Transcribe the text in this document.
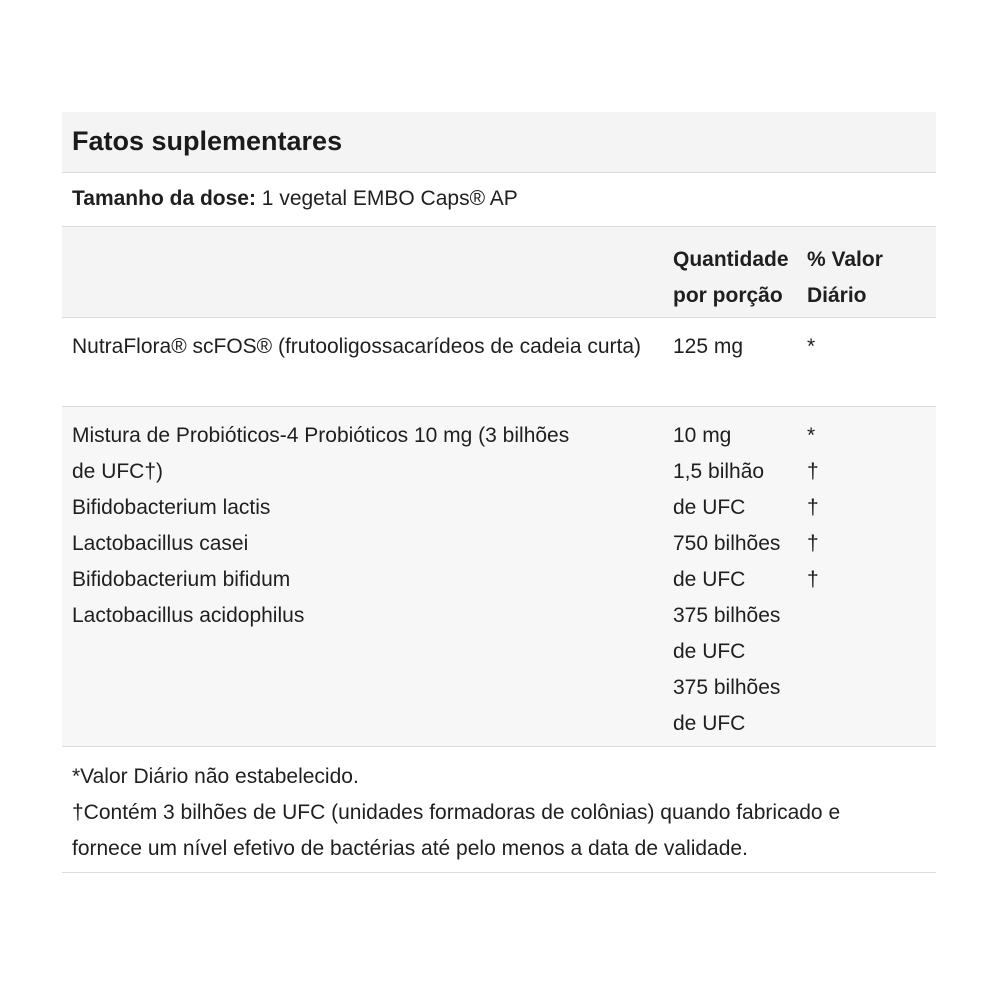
Fatos suplementares
Tamanho da dose: 1 vegetal EMBO Caps® AP
Quantidade
por porção
% Valor
Diário
NutraFlora® scFOS® (frutooligossacarídeos de cadeia curta)	125 mg	*
Mistura de Probióticos-4 Probióticos 10 mg (3 bilhões
de UFC†)
Bifidobacterium lactis
Lactobacillus casei
Bifidobacterium bifidum
Lactobacillus acidophilus
10 mg
1,5 bilhão
de UFC
750 bilhões
de UFC
375 bilhões
de UFC
375 bilhões
de UFC
*
†
†
†
†
*Valor Diário não estabelecido.
†Contém 3 bilhões de UFC (unidades formadoras de colônias) quando fabricado e
fornece um nível efetivo de bactérias até pelo menos a data de validade.
